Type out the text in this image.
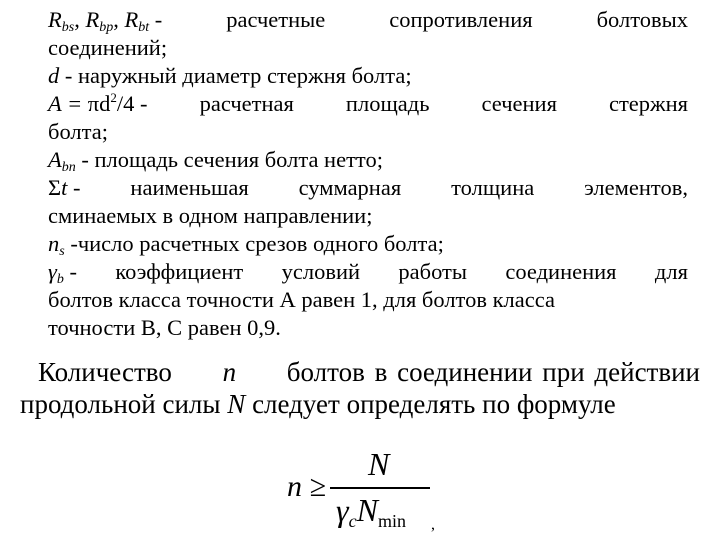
$R_{bs}$, $R_{bp}$, $R_{bt}$ -	расчетные	сопротивления	болтовых
соединений;
d - наружный диаметр стержня болта;
$A = \pi d^2/4$ - расчетная площадь сечения стержня
болта;
$A_{bn}$ - площадь сечения болта нетто;
Σt - наименьшая суммарная толщина элементов,
сминаемых в одном направлении;
$n_s$ -число расчетных срезов одного болта;
$\gamma_b$ - коэффициент условий работы соединения для
болтов класса точности А равен 1, для болтов класса
точности В, С равен 0,9.
Количество n болтов в соединении при действии
продольной силы N следует определять по формуле
n ≥
N
$\gamma_cN_{min}$ ,
